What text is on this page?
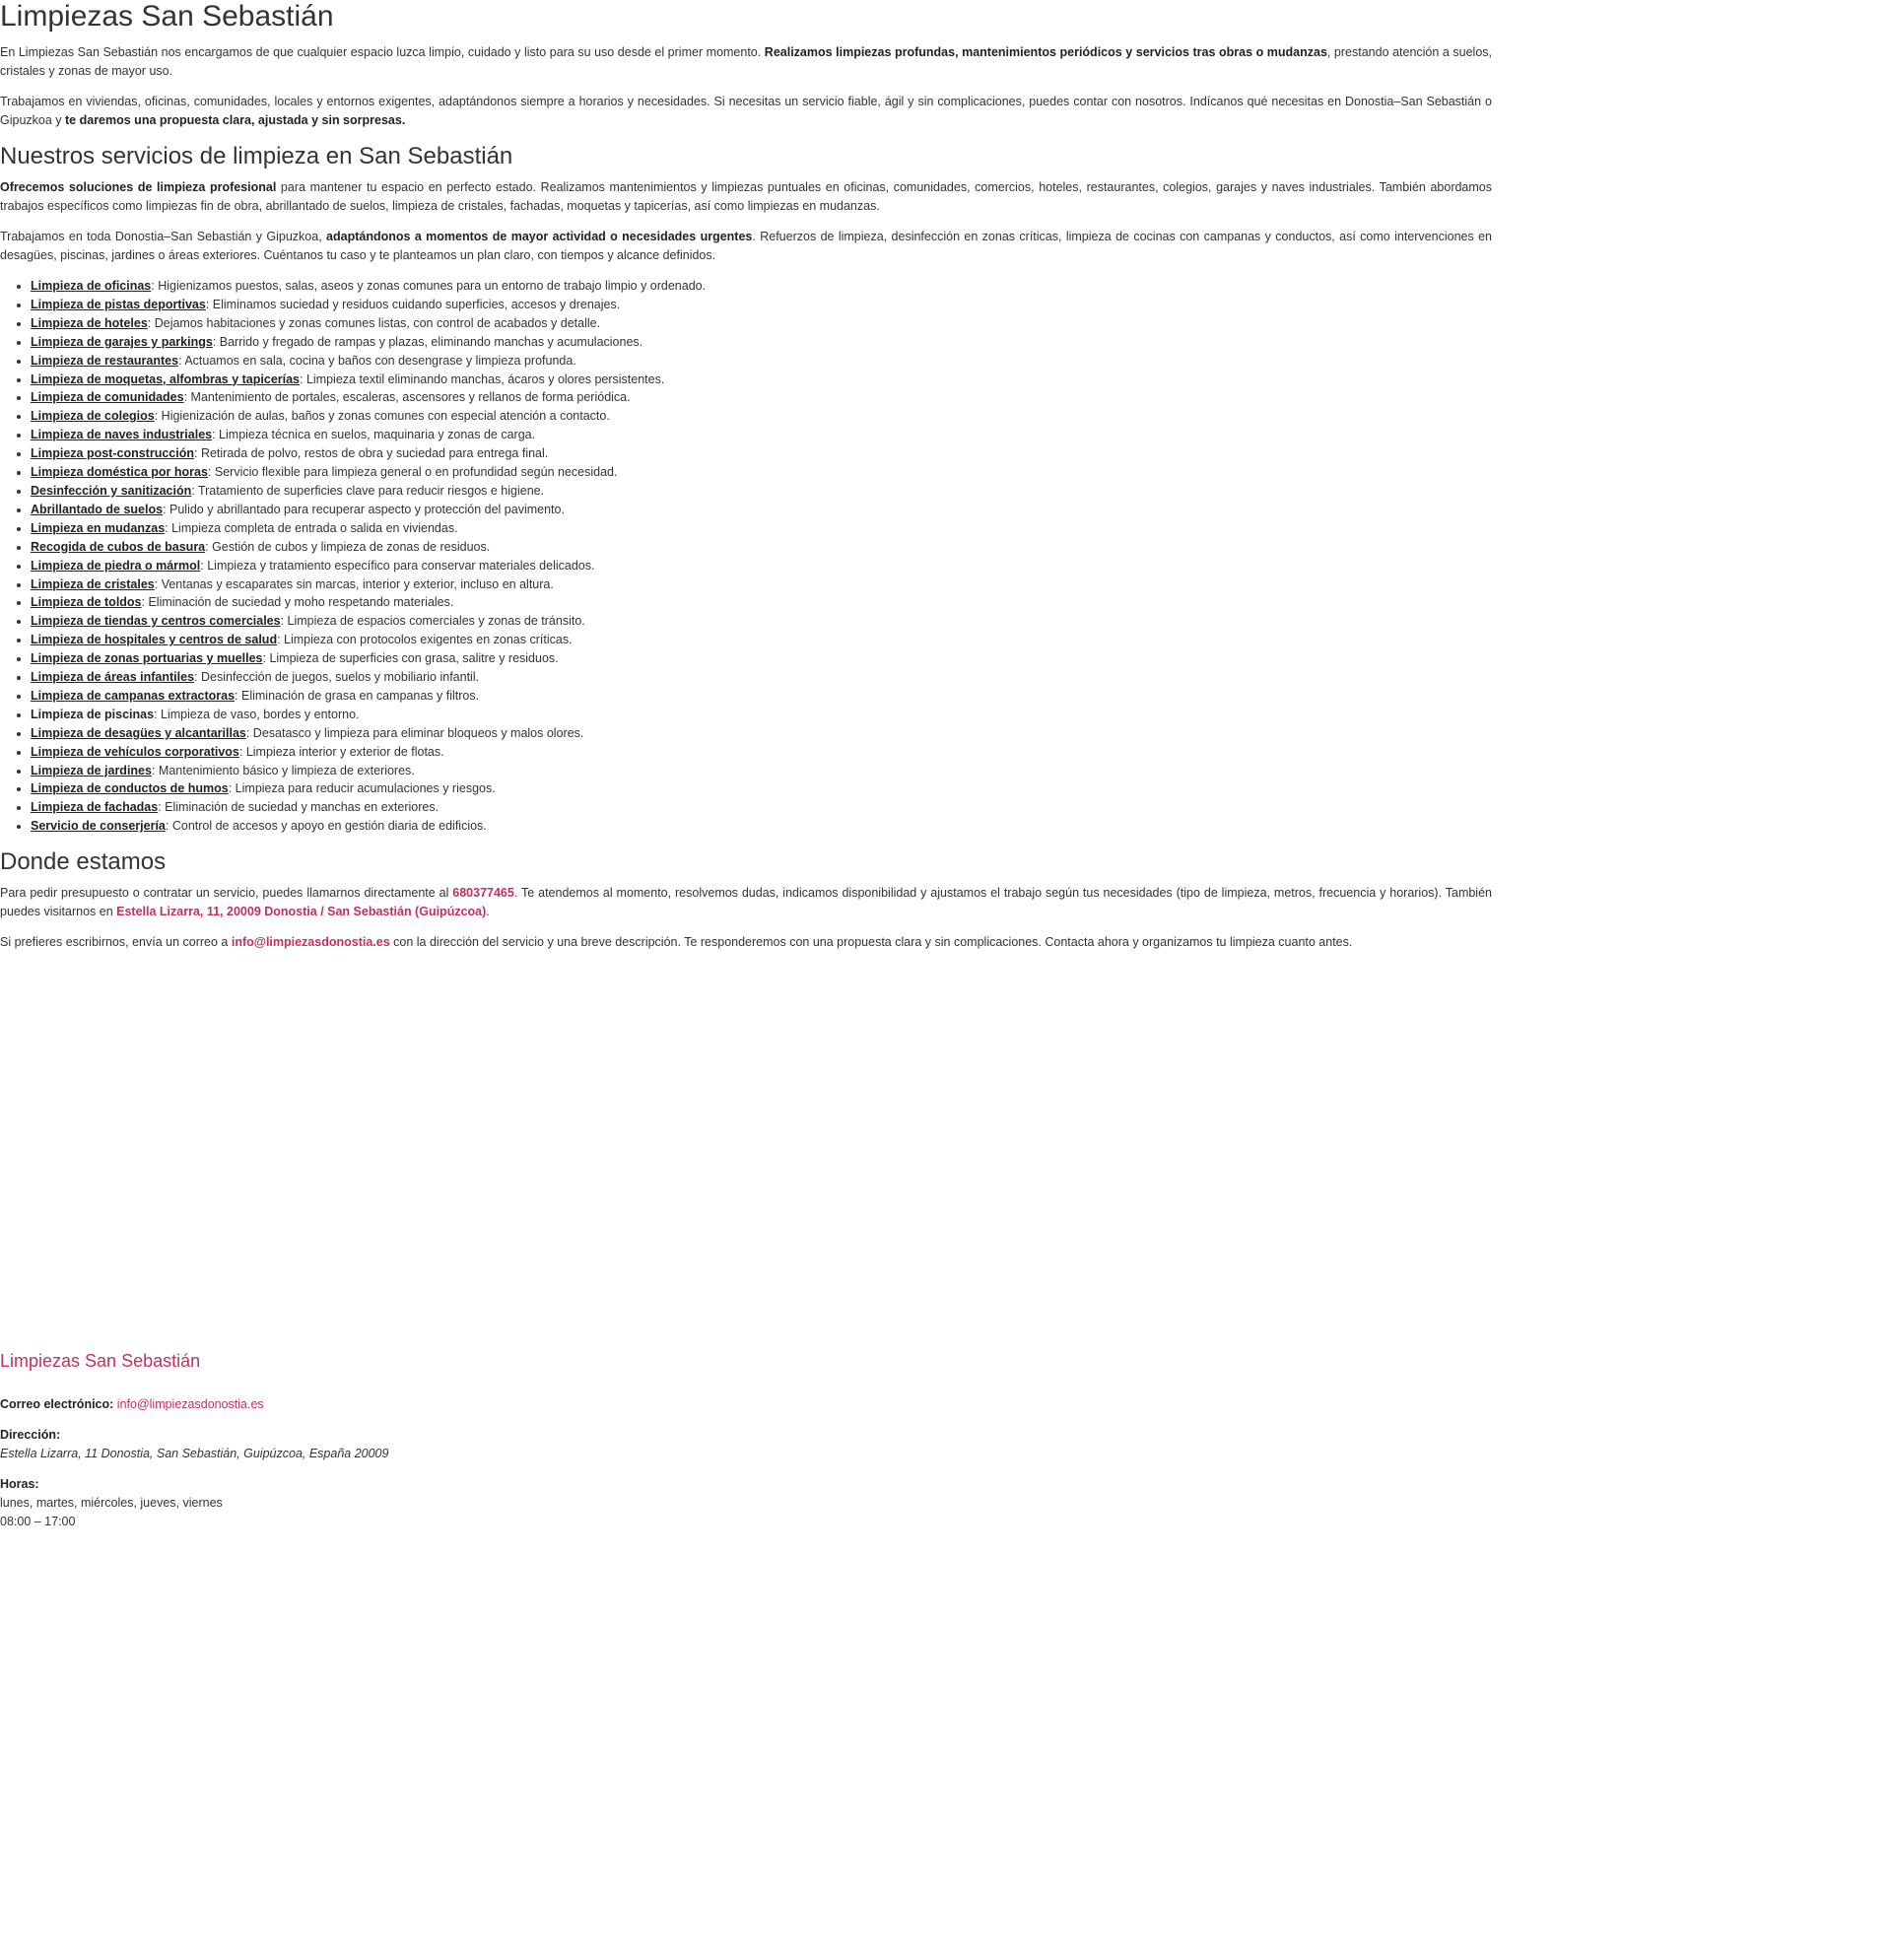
Limpiezas San Sebastián

En Limpiezas San Sebastián nos encargamos de que cualquier espacio luzca limpio, cuidado y listo para su uso desde el primer momento. Realizamos limpiezas profundas, mantenimientos periódicos y servicios tras obras o mudanzas, prestando atención a suelos, cristales y zonas de mayor uso.

Trabajamos en viviendas, oficinas, comunidades, locales y entornos exigentes, adaptándonos siempre a horarios y necesidades. Si necesitas un servicio fiable, ágil y sin complicaciones, puedes contar con nosotros. Indícanos qué necesitas en Donostia–San Sebastián o Gipuzkoa y te daremos una propuesta clara, ajustada y sin sorpresas.

Nuestros servicios de limpieza en San Sebastián

Ofrecemos soluciones de limpieza profesional para mantener tu espacio en perfecto estado. Realizamos mantenimientos y limpiezas puntuales en oficinas, comunidades, comercios, hoteles, restaurantes, colegios, garajes y naves industriales. También abordamos trabajos específicos como limpiezas fin de obra, abrillantado de suelos, limpieza de cristales, fachadas, moquetas y tapicerías, así como limpiezas en mudanzas.

Trabajamos en toda Donostia–San Sebastián y Gipuzkoa, adaptándonos a momentos de mayor actividad o necesidades urgentes. Refuerzos de limpieza, desinfección en zonas críticas, limpieza de cocinas con campanas y conductos, así como intervenciones en desagües, piscinas, jardines o áreas exteriores. Cuéntanos tu caso y te planteamos un plan claro, con tiempos y alcance definidos.

• Limpieza de oficinas: Higienizamos puestos, salas, aseos y zonas comunes para un entorno de trabajo limpio y ordenado.
• Limpieza de pistas deportivas: Eliminamos suciedad y residuos cuidando superficies, accesos y drenajes.
• Limpieza de hoteles: Dejamos habitaciones y zonas comunes listas, con control de acabados y detalle.
• Limpieza de garajes y parkings: Barrido y fregado de rampas y plazas, eliminando manchas y acumulaciones.
• Limpieza de restaurantes: Actuamos en sala, cocina y baños con desengrase y limpieza profunda.
• Limpieza de moquetas, alfombras y tapicerías: Limpieza textil eliminando manchas, ácaros y olores persistentes.
• Limpieza de comunidades: Mantenimiento de portales, escaleras, ascensores y rellanos de forma periódica.
• Limpieza de colegios: Higienización de aulas, baños y zonas comunes con especial atención a contacto.
• Limpieza de naves industriales: Limpieza técnica en suelos, maquinaria y zonas de carga.
• Limpieza post-construcción: Retirada de polvo, restos de obra y suciedad para entrega final.
• Limpieza doméstica por horas: Servicio flexible para limpieza general o en profundidad según necesidad.
• Desinfección y sanitización: Tratamiento de superficies clave para reducir riesgos e higiene.
• Abrillantado de suelos: Pulido y abrillantado para recuperar aspecto y protección del pavimento.
• Limpieza en mudanzas: Limpieza completa de entrada o salida en viviendas.
• Recogida de cubos de basura: Gestión de cubos y limpieza de zonas de residuos.
• Limpieza de piedra o mármol: Limpieza y tratamiento específico para conservar materiales delicados.
• Limpieza de cristales: Ventanas y escaparates sin marcas, interior y exterior, incluso en altura.
• Limpieza de toldos: Eliminación de suciedad y moho respetando materiales.
• Limpieza de tiendas y centros comerciales: Limpieza de espacios comerciales y zonas de tránsito.
• Limpieza de hospitales y centros de salud: Limpieza con protocolos exigentes en zonas críticas.
• Limpieza de zonas portuarias y muelles: Limpieza de superficies con grasa, salitre y residuos.
• Limpieza de áreas infantiles: Desinfección de juegos, suelos y mobiliario infantil.
• Limpieza de campanas extractoras: Eliminación de grasa en campanas y filtros.
• Limpieza de piscinas: Limpieza de vaso, bordes y entorno.
• Limpieza de desagües y alcantarillas: Desatasco y limpieza para eliminar bloqueos y malos olores.
• Limpieza de vehículos corporativos: Limpieza interior y exterior de flotas.
• Limpieza de jardines: Mantenimiento básico y limpieza de exteriores.
• Limpieza de conductos de humos: Limpieza para reducir acumulaciones y riesgos.
• Limpieza de fachadas: Eliminación de suciedad y manchas en exteriores.
• Servicio de conserjería: Control de accesos y apoyo en gestión diaria de edificios.
Donde estamos

Para pedir presupuesto o contratar un servicio, puedes llamarnos directamente al 680377465. Te atendemos al momento, resolvemos dudas, indicamos disponibilidad y ajustamos el trabajo según tus necesidades (tipo de limpieza, metros, frecuencia y horarios). También puedes visitarnos en Estella Lizarra, 11, 20009 Donostia / San Sebastián (Guipúzcoa).

Si prefieres escribirnos, envía un correo a info@limpiezasdonostia.es con la dirección del servicio y una breve descripción. Te responderemos con una propuesta clara y sin complicaciones. Contacta ahora y organizamos tu limpieza cuanto antes.

Limpiezas San Sebastián
Correo electrónico: info@limpiezasdonostia.es
Dirección:
Estella Lizarra, 11 Donostia, San Sebastián, Guipúzcoa, España 20009
Horas:
lunes, martes, miércoles, jueves, viernes
08:00 – 17:00
